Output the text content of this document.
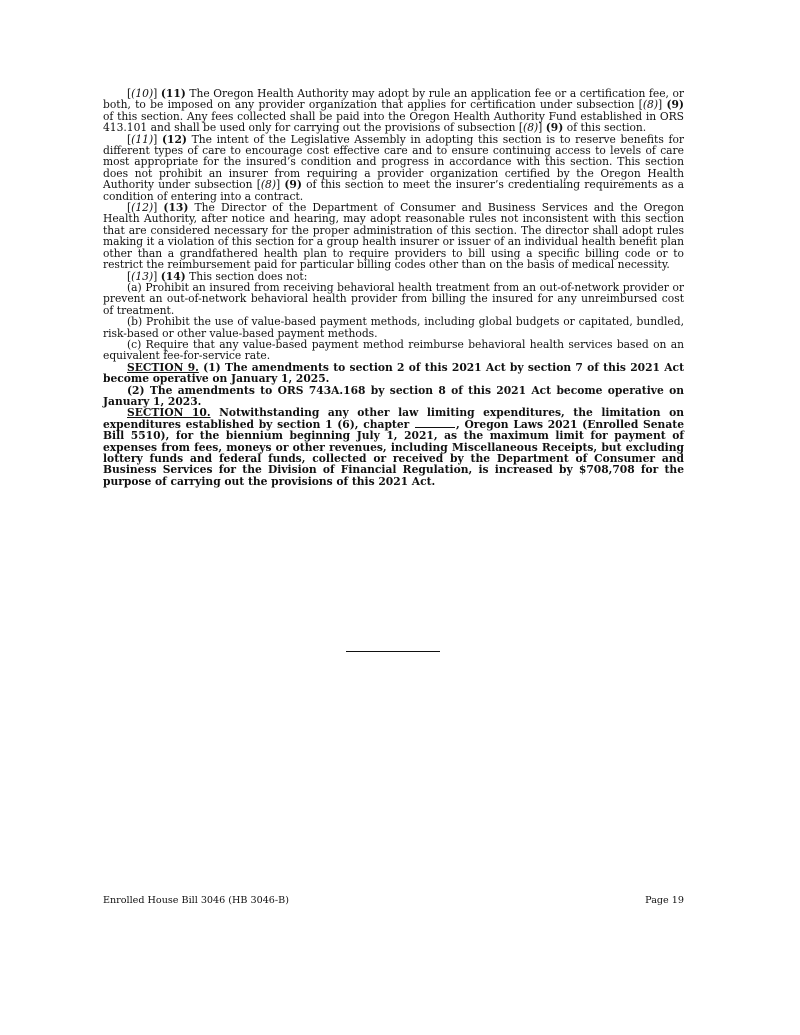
[(10)] (11) The Oregon Health Authority may adopt by rule an application fee or a certification fee, or both, to be imposed on any provider organization that applies for certification under subsection [(8)] (9) of this section. Any fees collected shall be paid into the Oregon Health Authority Fund established in ORS 413.101 and shall be used only for carrying out the provisions of subsection [(8)] (9) of this section.

[(11)] (12) The intent of the Legislative Assembly in adopting this section is to reserve benefits for different types of care to encourage cost effective care and to ensure continuing access to levels of care most appropriate for the insured’s condition and progress in accordance with this section. This section does not prohibit an insurer from requiring a provider organization certified by the Oregon Health Authority under subsection [(8)] (9) of this section to meet the insurer’s credentialing requirements as a condition of entering into a contract.

[(12)] (13) The Director of the Department of Consumer and Business Services and the Oregon Health Authority, after notice and hearing, may adopt reasonable rules not inconsistent with this section that are considered necessary for the proper administration of this section. The director shall adopt rules making it a violation of this section for a group health insurer or issuer of an individual health benefit plan other than a grandfathered health plan to require providers to bill using a specific billing code or to restrict the reimbursement paid for particular billing codes other than on the basis of medical necessity.

[(13)] (14) This section does not:

(a) Prohibit an insured from receiving behavioral health treatment from an out-of-network provider or prevent an out-of-network behavioral health provider from billing the insured for any unreimbursed cost of treatment.

(b) Prohibit the use of value-based payment methods, including global budgets or capitated, bundled, risk-based or other value-based payment methods.

(c) Require that any value-based payment method reimburse behavioral health services based on an equivalent fee-for-service rate.

SECTION 9. (1) The amendments to section 2 of this 2021 Act by section 7 of this 2021 Act become operative on January 1, 2025.

(2) The amendments to ORS 743A.168 by section 8 of this 2021 Act become operative on January 1, 2023.

SECTION 10. Notwithstanding any other law limiting expenditures, the limitation on expenditures established by section 1 (6), chapter	, Oregon Laws 2021 (Enrolled Senate Bill 5510), for the biennium beginning July 1, 2021, as the maximum limit for payment of expenses from fees, moneys or other revenues, including Miscellaneous Receipts, but excluding lottery funds and federal funds, collected or received by the Department of Consumer and Business Services for the Division of Financial Regulation, is increased by $708,708 for the purpose of carrying out the provisions of this 2021 Act.

Enrolled House Bill 3046 (HB 3046-B)	Page 19
